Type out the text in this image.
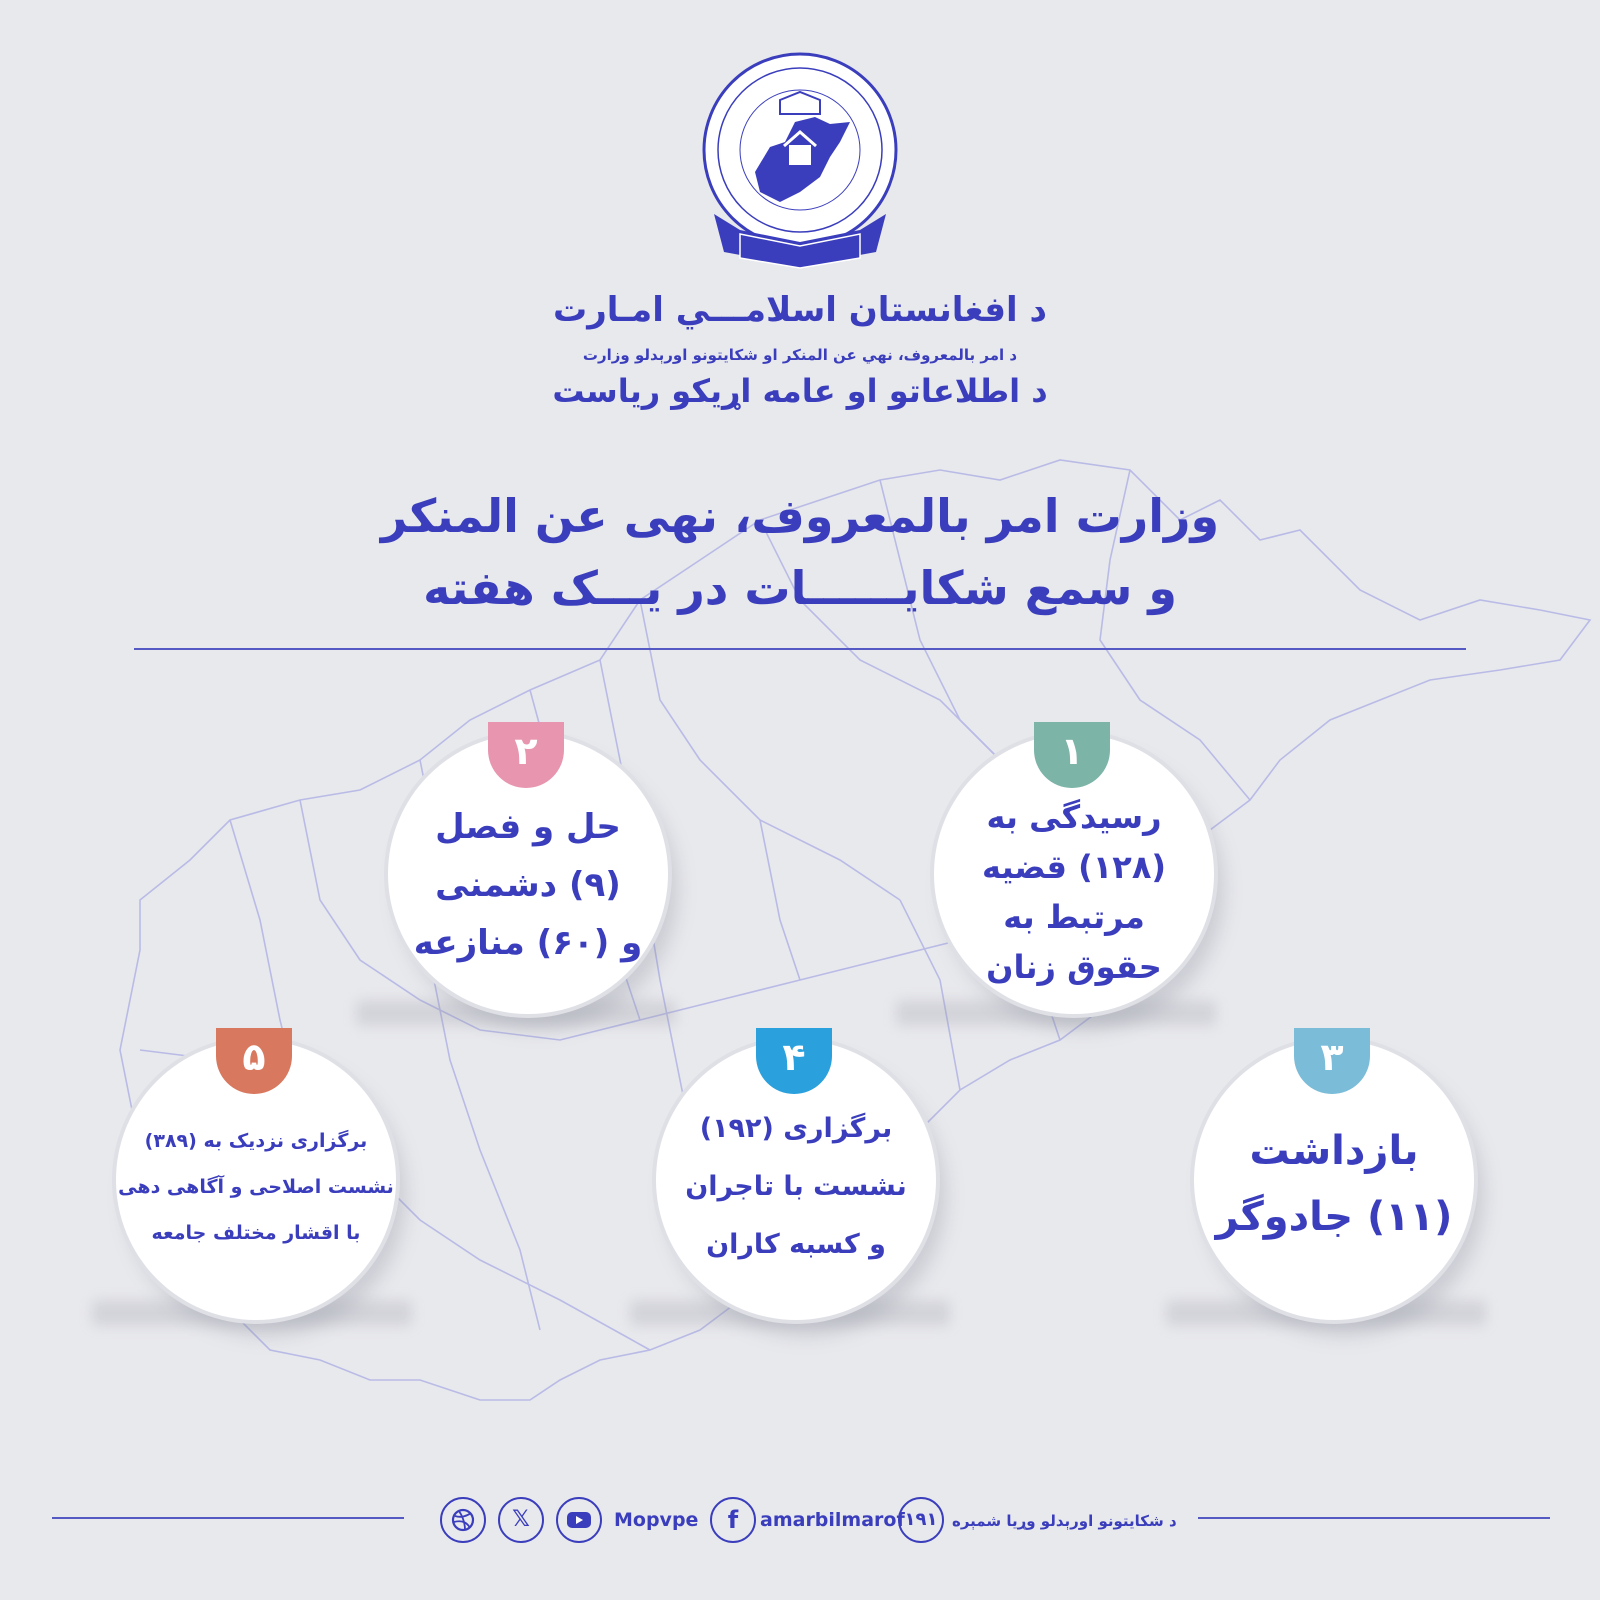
د افغانستان اسلامـــي امـارت
د امر بالمعروف، نهي عن المنكر او شکايتونو اورېدلو وزارت
د اطلاعاتو او عامه اړيکو رياست
وزارت امر بالمعروف، نهی عن المنکر
و سمع شکایــــــات در یـــک هفته
۲
حل و فصل
(۹) دشمنی
و (۶۰) منازعه
۱
رسیدگی به
(۱۲۸) قضیه
مرتبط به
حقوق زنان
۵
برگزاری نزدیک به (۳۸۹)
نشست اصلاحی و آگاهی دهی
با اقشار مختلف جامعه
۴
برگزاری (۱۹۲)
نشست با تاجران
و کسبه کاران
۳
بازداشت
(۱۱) جادوگر
𝕏	Mopvpe	f	amarbilmarof ۱۹۱ د شکايتونو اورېدلو وړيا شمېره
